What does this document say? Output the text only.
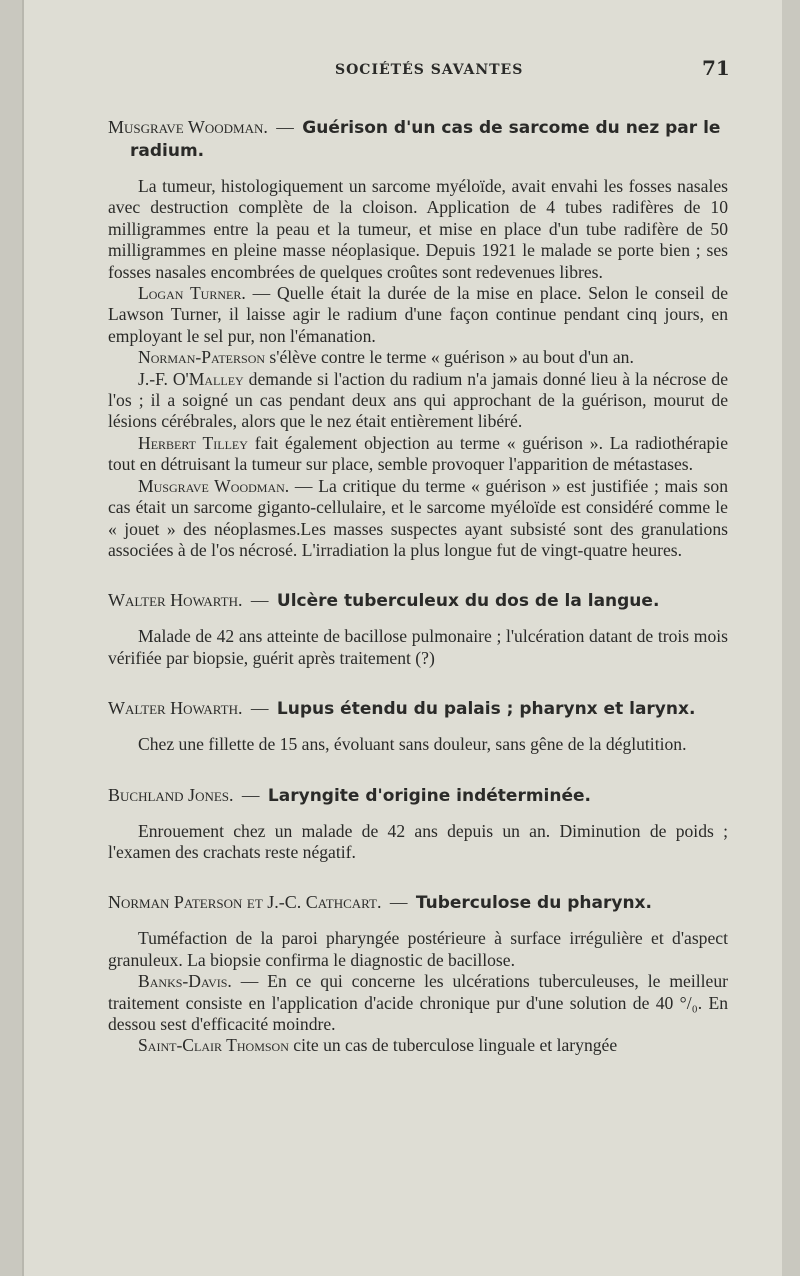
SOCIÉTÉS SAVANTES	71
Musgrave Woodman. — Guérison d'un cas de sarcome du nez par le radium.

La tumeur, histologiquement un sarcome myéloïde, avait envahi les fosses nasales avec destruction complète de la cloison. Application de 4 tubes radifères de 10 milligrammes entre la peau et la tumeur, et mise en place d'un tube radifère de 50 milligrammes en pleine masse néoplasique. Depuis 1921 le malade se porte bien ; ses fosses nasales encombrées de quelques croûtes sont redevenues libres.

Logan Turner. — Quelle était la durée de la mise en place. Selon le conseil de Lawson Turner, il laisse agir le radium d'une façon continue pendant cinq jours, en employant le sel pur, non l'émanation.

Norman-Paterson s'élève contre le terme « guérison » au bout d'un an.

J.-F. O'Malley demande si l'action du radium n'a jamais donné lieu à la nécrose de l'os ; il a soigné un cas pendant deux ans qui approchant de la guérison, mourut de lésions cérébrales, alors que le nez était entièrement libéré.

Herbert Tilley fait également objection au terme « guérison ». La radiothérapie tout en détruisant la tumeur sur place, semble provoquer l'apparition de métastases.

Musgrave Woodman. — La critique du terme « guérison » est justifiée ; mais son cas était un sarcome giganto-cellulaire, et le sarcome myéloïde est considéré comme le « jouet » des néoplasmes.Les masses suspectes ayant subsisté sont des granulations associées à de l'os nécrosé. L'irradiation la plus longue fut de vingt-quatre heures.

Walter Howarth. — Ulcère tuberculeux du dos de la langue.

Malade de 42 ans atteinte de bacillose pulmonaire ; l'ulcération datant de trois mois vérifiée par biopsie, guérit après traitement (?)

Walter Howarth. — Lupus étendu du palais ; pharynx et larynx.

Chez une fillette de 15 ans, évoluant sans douleur, sans gêne de la déglutition.

Buchland Jones. — Laryngite d'origine indéterminée.

Enrouement chez un malade de 42 ans depuis un an. Diminution de poids ; l'examen des crachats reste négatif.

Norman Paterson et J.-C. Cathcart. — Tuberculose du pharynx.

Tuméfaction de la paroi pharyngée postérieure à surface irrégulière et d'aspect granuleux. La biopsie confirma le diagnostic de bacillose.

Banks-Davis. — En ce qui concerne les ulcérations tuberculeuses, le meilleur traitement consiste en l'application d'acide chronique pur d'une solution de 40 °/₀. En dessou sest d'efficacité moindre.

Saint-Clair Thomson cite un cas de tuberculose linguale et laryngée
